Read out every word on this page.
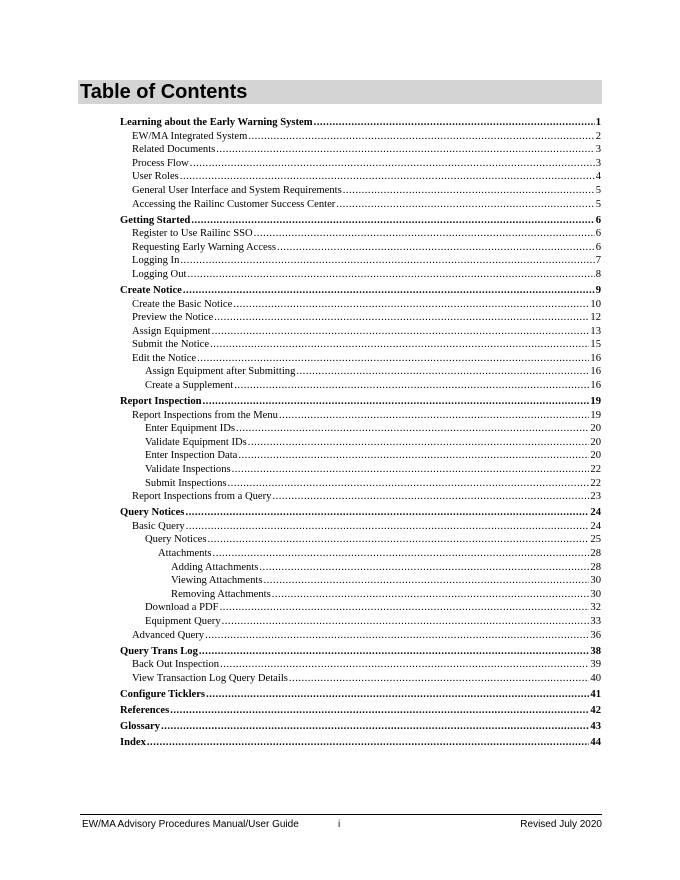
Table of Contents
Learning about the Early Warning System .....	1
EW/MA Integrated System .....	2
Related Documents .....	3
Process Flow .....	3
User Roles .....	4
General User Interface and System Requirements .....	5
Accessing the Railinc Customer Success Center .....	5
Getting Started .....	6
Register to Use Railinc SSO .....	6
Requesting Early Warning Access .....	6
Logging In .....	7
Logging Out .....	8
Create Notice .....	9
Create the Basic Notice .....	10
Preview the Notice .....	12
Assign Equipment .....	13
Submit the Notice .....	15
Edit the Notice .....	16
Assign Equipment after Submitting .....	16
Create a Supplement .....	16
Report Inspection .....	19
Report Inspections from the Menu .....	19
Enter Equipment IDs .....	20
Validate Equipment IDs .....	20
Enter Inspection Data .....	20
Validate Inspections .....	22
Submit Inspections .....	22
Report Inspections from a Query .....	23
Query Notices .....	24
Basic Query .....	24
Query Notices .....	25
Attachments .....	28
Adding Attachments .....	28
Viewing Attachments .....	30
Removing Attachments .....	30
Download a PDF .....	32
Equipment Query .....	33
Advanced Query .....	36
Query Trans Log .....	38
Back Out Inspection .....	39
View Transaction Log Query Details .....	40
Configure Ticklers .....	41
References .....	42
Glossary .....	43
Index .....	44
EW/MA Advisory Procedures Manual/User Guide	i	Revised July 2020
